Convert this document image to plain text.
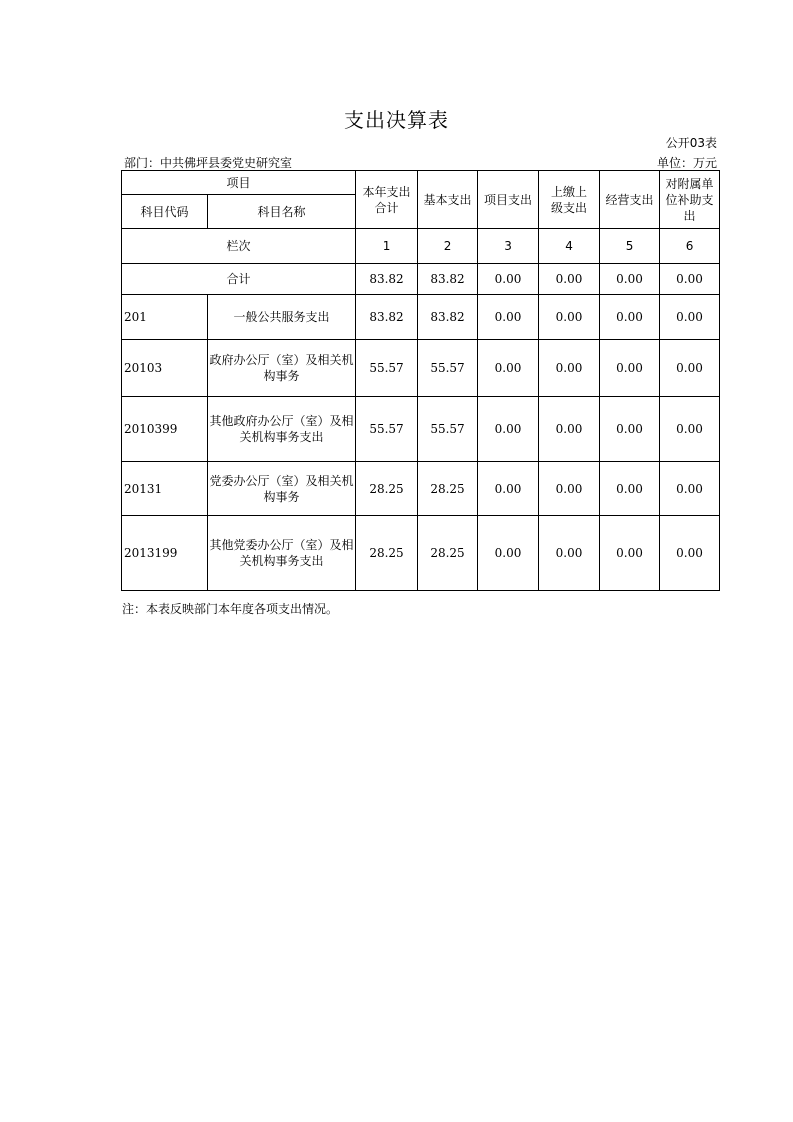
支出决算表
公开03表
部门：中共佛坪县委党史研究室	单位：万元
项目		本年支出合计	基本支出	项目支出	上缴上级支出	经营支出	对附属单位补助支出
科目代码	科目名称						
栏次		1	2	3	4	5	6
合计		83.82	83.82	0.00	0.00	0.00	0.00
201	一般公共服务支出	83.82	83.82	0.00	0.00	0.00	0.00
20103	政府办公厅（室）及相关机构事务	55.57	55.57	0.00	0.00	0.00	0.00
2010399	其他政府办公厅（室）及相关机构事务支出	55.57	55.57	0.00	0.00	0.00	0.00
20131	党委办公厅（室）及相关机构事务	28.25	28.25	0.00	0.00	0.00	0.00
2013199	其他党委办公厅（室）及相关机构事务支出	28.25	28.25	0.00	0.00	0.00	0.00
注：本表反映部门本年度各项支出情况。
